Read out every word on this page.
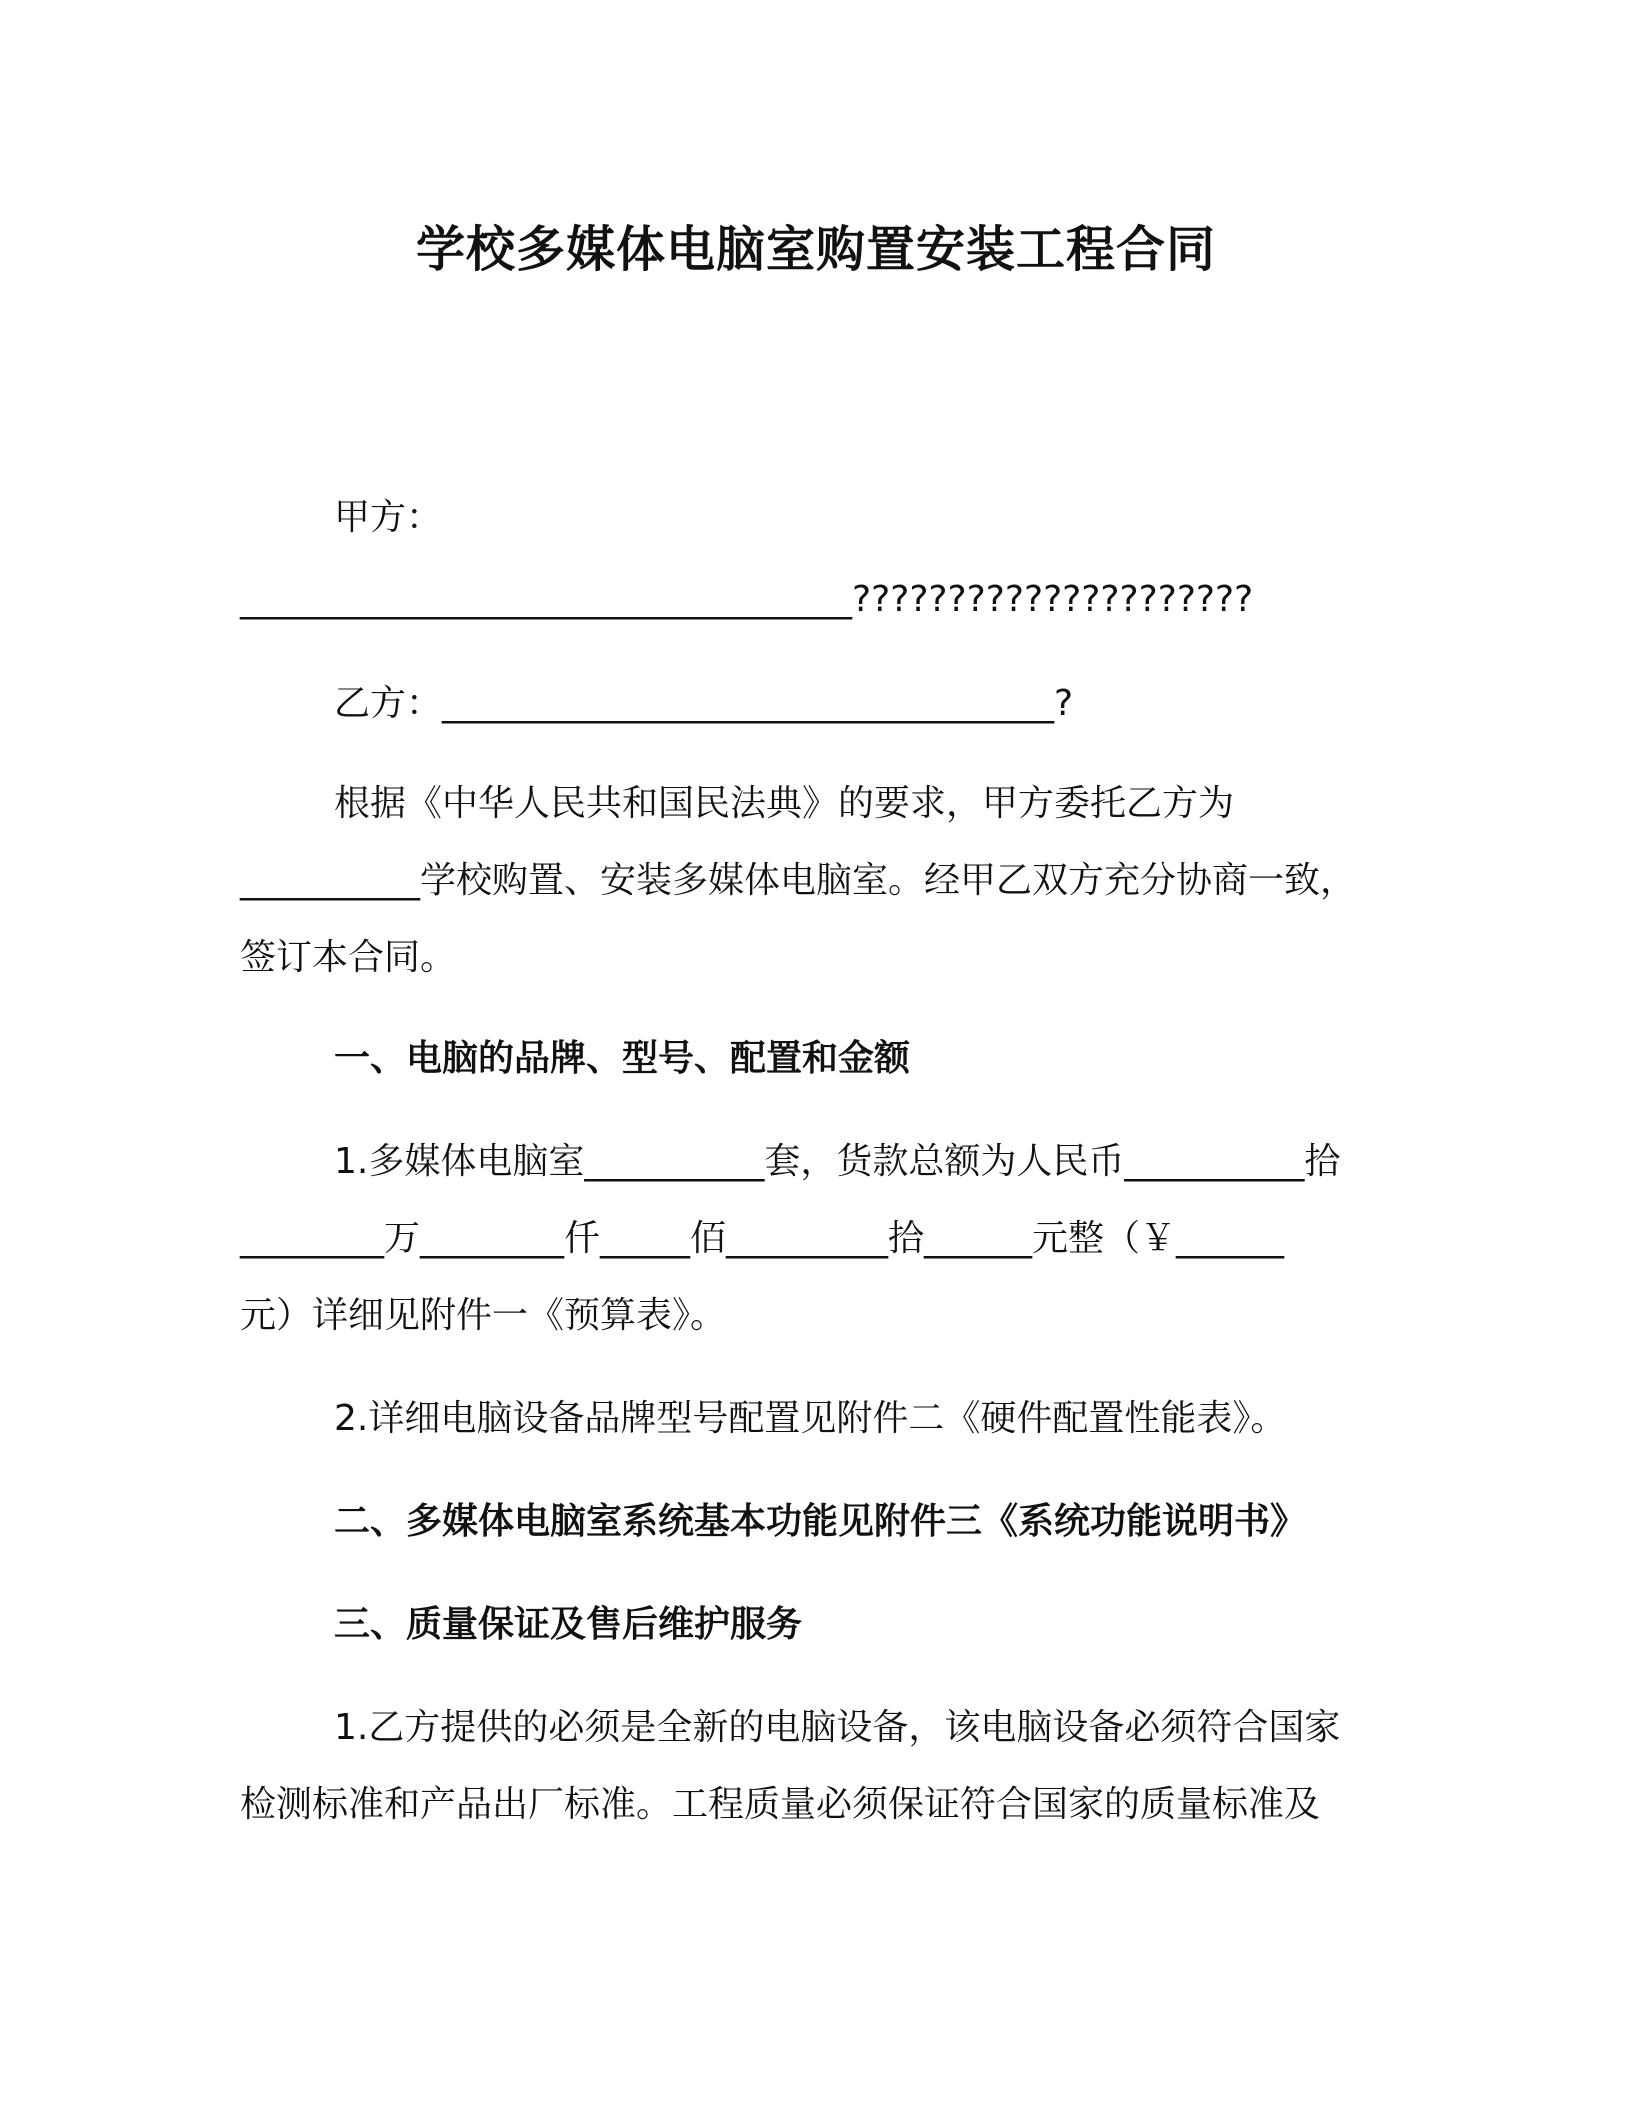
学校多媒体电脑室购置安装工程合同
甲方：
__________________________________?????????????????????
乙方：__________________________________?
根据《中华人民共和国民法典》的要求，甲方委托乙方为
__________学校购置、安装多媒体电脑室。经甲乙双方充分协商一致，
签订本合同。
一、电脑的品牌、型号、配置和金额
1.多媒体电脑室__________套，货款总额为人民币__________拾
________万________仟_____佰_________拾______元整（￥______
元）详细见附件一《预算表》。
2.详细电脑设备品牌型号配置见附件二《硬件配置性能表》。
二、多媒体电脑室系统基本功能见附件三《系统功能说明书》
三、质量保证及售后维护服务
1.乙方提供的必须是全新的电脑设备，该电脑设备必须符合国家
检测标准和产品出厂标准。工程质量必须保证符合国家的质量标准及
